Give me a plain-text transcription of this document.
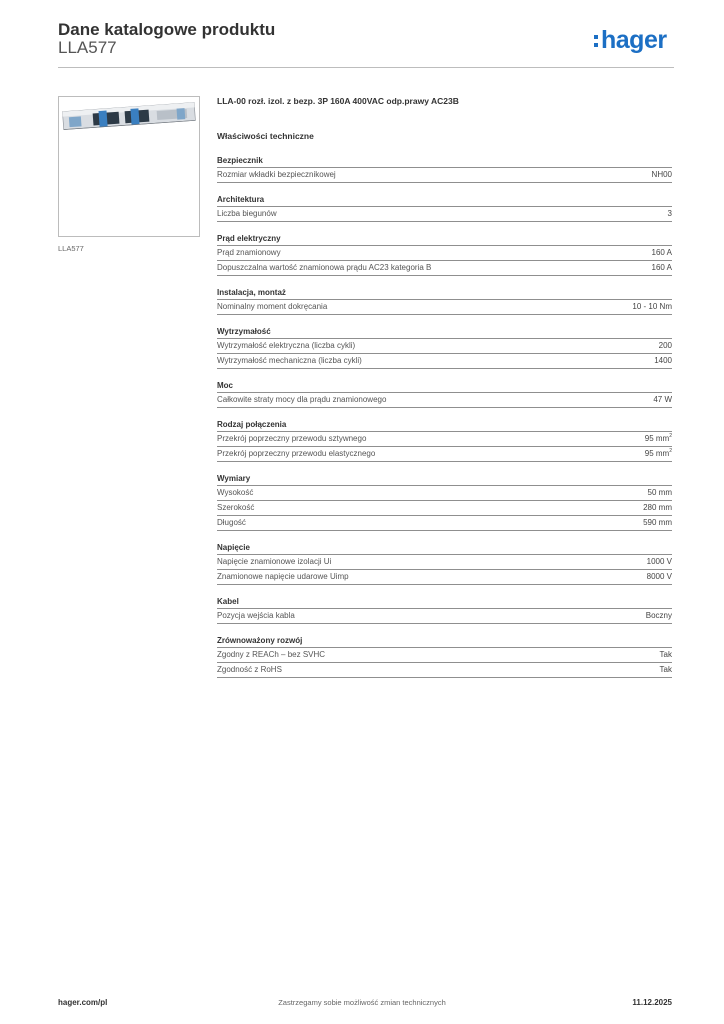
Dane katalogowe produktu
LLA577	hager
LLA577
LLA-00 rozł. izol. z bezp. 3P 160A 400VAC odp.prawy AC23B
Właściwości techniczne
Bezpiecznik
Rozmiar wkładki bezpiecznikowej	NH00
Architektura
Liczba biegunów	3
Prąd elektryczny
Prąd znamionowy	160 A
Dopuszczalna wartość znamionowa prądu AC23 kategoria B	160 A
Instalacja, montaż
Nominalny moment dokręcania	10 - 10 Nm
Wytrzymałość
Wytrzymałość elektryczna (liczba cykli)	200
Wytrzymałość mechaniczna (liczba cykli)	1400
Moc
Całkowite straty mocy dla prądu znamionowego	47 W
Rodzaj połączenia
Przekrój poprzeczny przewodu sztywnego	95 $mm^2$
Przekrój poprzeczny przewodu elastycznego	95 $mm^2$
Wymiary
Wysokość	50 mm
Szerokość	280 mm
Długość	590 mm
Napięcie
Napięcie znamionowe izolacji Ui	1000 V
Znamionowe napięcie udarowe Uimp	8000 V
Kabel
Pozycja wejścia kabla	Boczny
Zrównoważony rozwój
Zgodny z REACh – bez SVHC	Tak
Zgodność z RoHS	Tak
hager.com/pl	Zastrzegamy sobie możliwość zmian technicznych	11.12.2025
